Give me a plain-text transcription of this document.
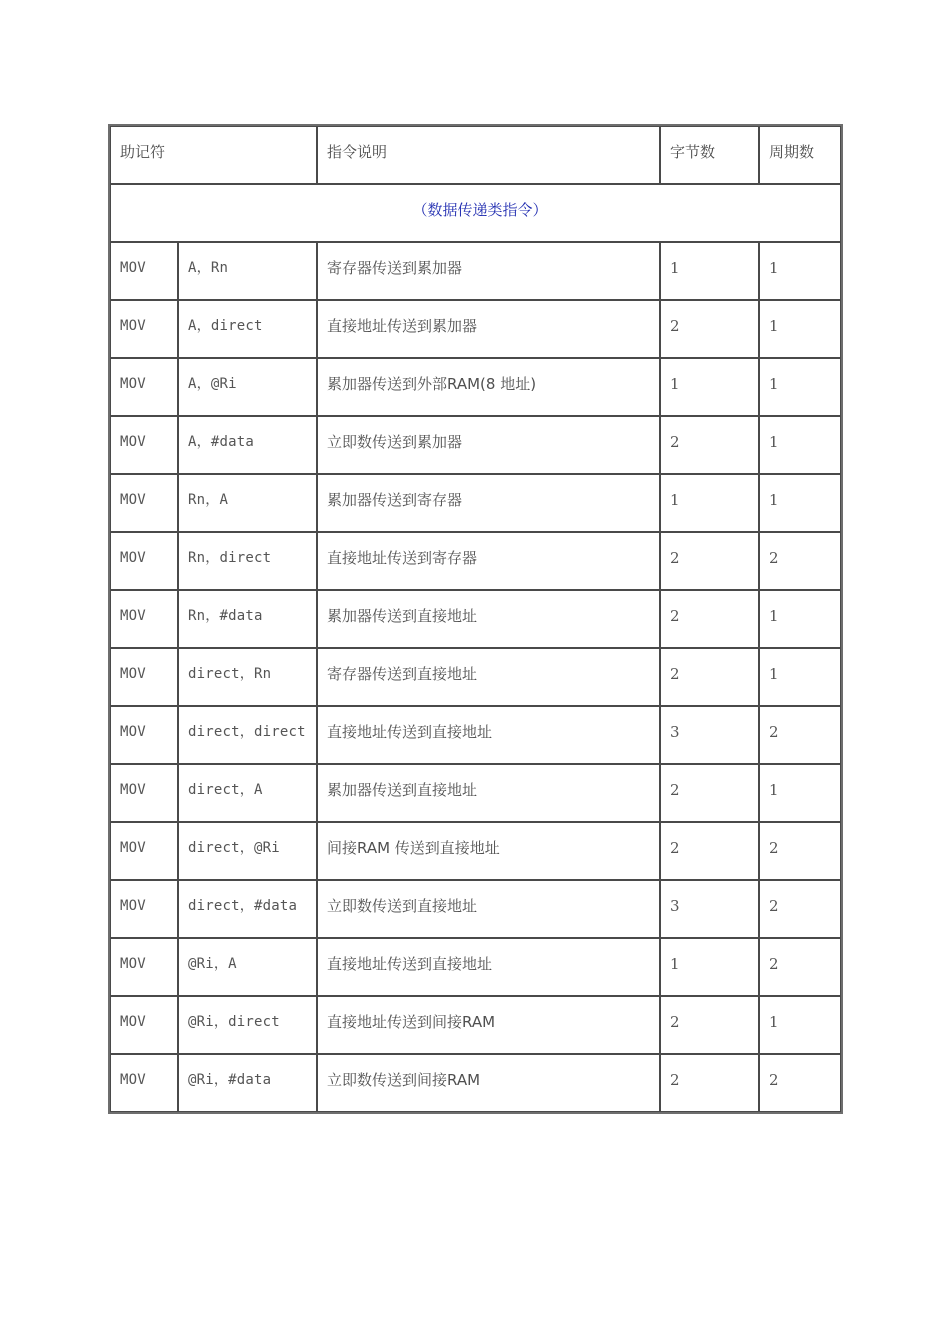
助记符		指令说明	字节数	周期数

（数据传递类指令）				

MOV	A，Rn	寄存器传送到累加器	1	1

MOV	A，direct	直接地址传送到累加器	2	1

MOV	A，@Ri	累加器传送到外部RAM(8 地址)	1	1

MOV	A，#data	立即数传送到累加器	2	1

MOV	Rn，A	累加器传送到寄存器	1	1

MOV	Rn，direct	直接地址传送到寄存器	2	2

MOV	Rn，#data	累加器传送到直接地址	2	1

MOV	direct，Rn	寄存器传送到直接地址	2	1

MOV	direct，direct	直接地址传送到直接地址	3	2

MOV	direct，A	累加器传送到直接地址	2	1

MOV	direct，@Ri	间接RAM 传送到直接地址	2	2

MOV	direct，#data	立即数传送到直接地址	3	2

MOV	@Ri，A	直接地址传送到直接地址	1	2

MOV	@Ri，direct	直接地址传送到间接RAM	2	1

MOV	@Ri，#data	立即数传送到间接RAM	2	2
